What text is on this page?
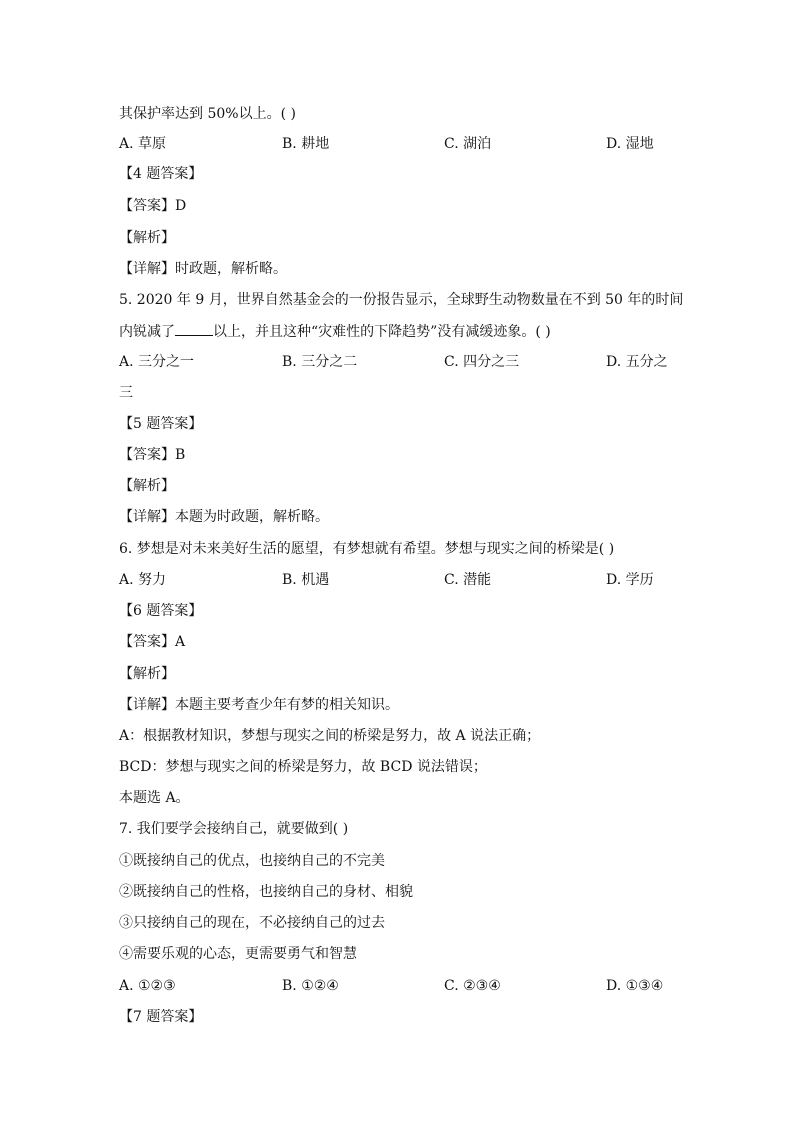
其保护率达到 50%以上。( )
A. 草原	B. 耕地	C. 湖泊	D. 湿地
【4 题答案】
【答案】D
【解析】
【详解】时政题，解析略。
5. 2020 年 9 月，世界自然基金会的一份报告显示，全球野生动物数量在不到 50 年的时间
内锐减了	以上，并且这种“灾难性的下降趋势”没有减缓迹象。( )
A. 三分之一	B. 三分之二	C. 四分之三	D. 五分之
三
【5 题答案】
【答案】B
【解析】
【详解】本题为时政题，解析略。
6. 梦想是对未来美好生活的愿望，有梦想就有希望。梦想与现实之间的桥梁是( )
A. 努力	B. 机遇	C. 潜能	D. 学历
【6 题答案】
【答案】A
【解析】
【详解】本题主要考查少年有梦的相关知识。
A：根据教材知识，梦想与现实之间的桥梁是努力，故 A 说法正确；
BCD：梦想与现实之间的桥梁是努力，故 BCD 说法错误；
本题选 A。
7. 我们要学会接纳自己，就要做到( )
①既接纳自己的优点，也接纳自己的不完美
②既接纳自己的性格，也接纳自己的身材、相貌
③只接纳自己的现在，不必接纳自己的过去
④需要乐观的心态，更需要勇气和智慧
A. ①②③	B. ①②④	C. ②③④	D. ①③④
【7 题答案】
